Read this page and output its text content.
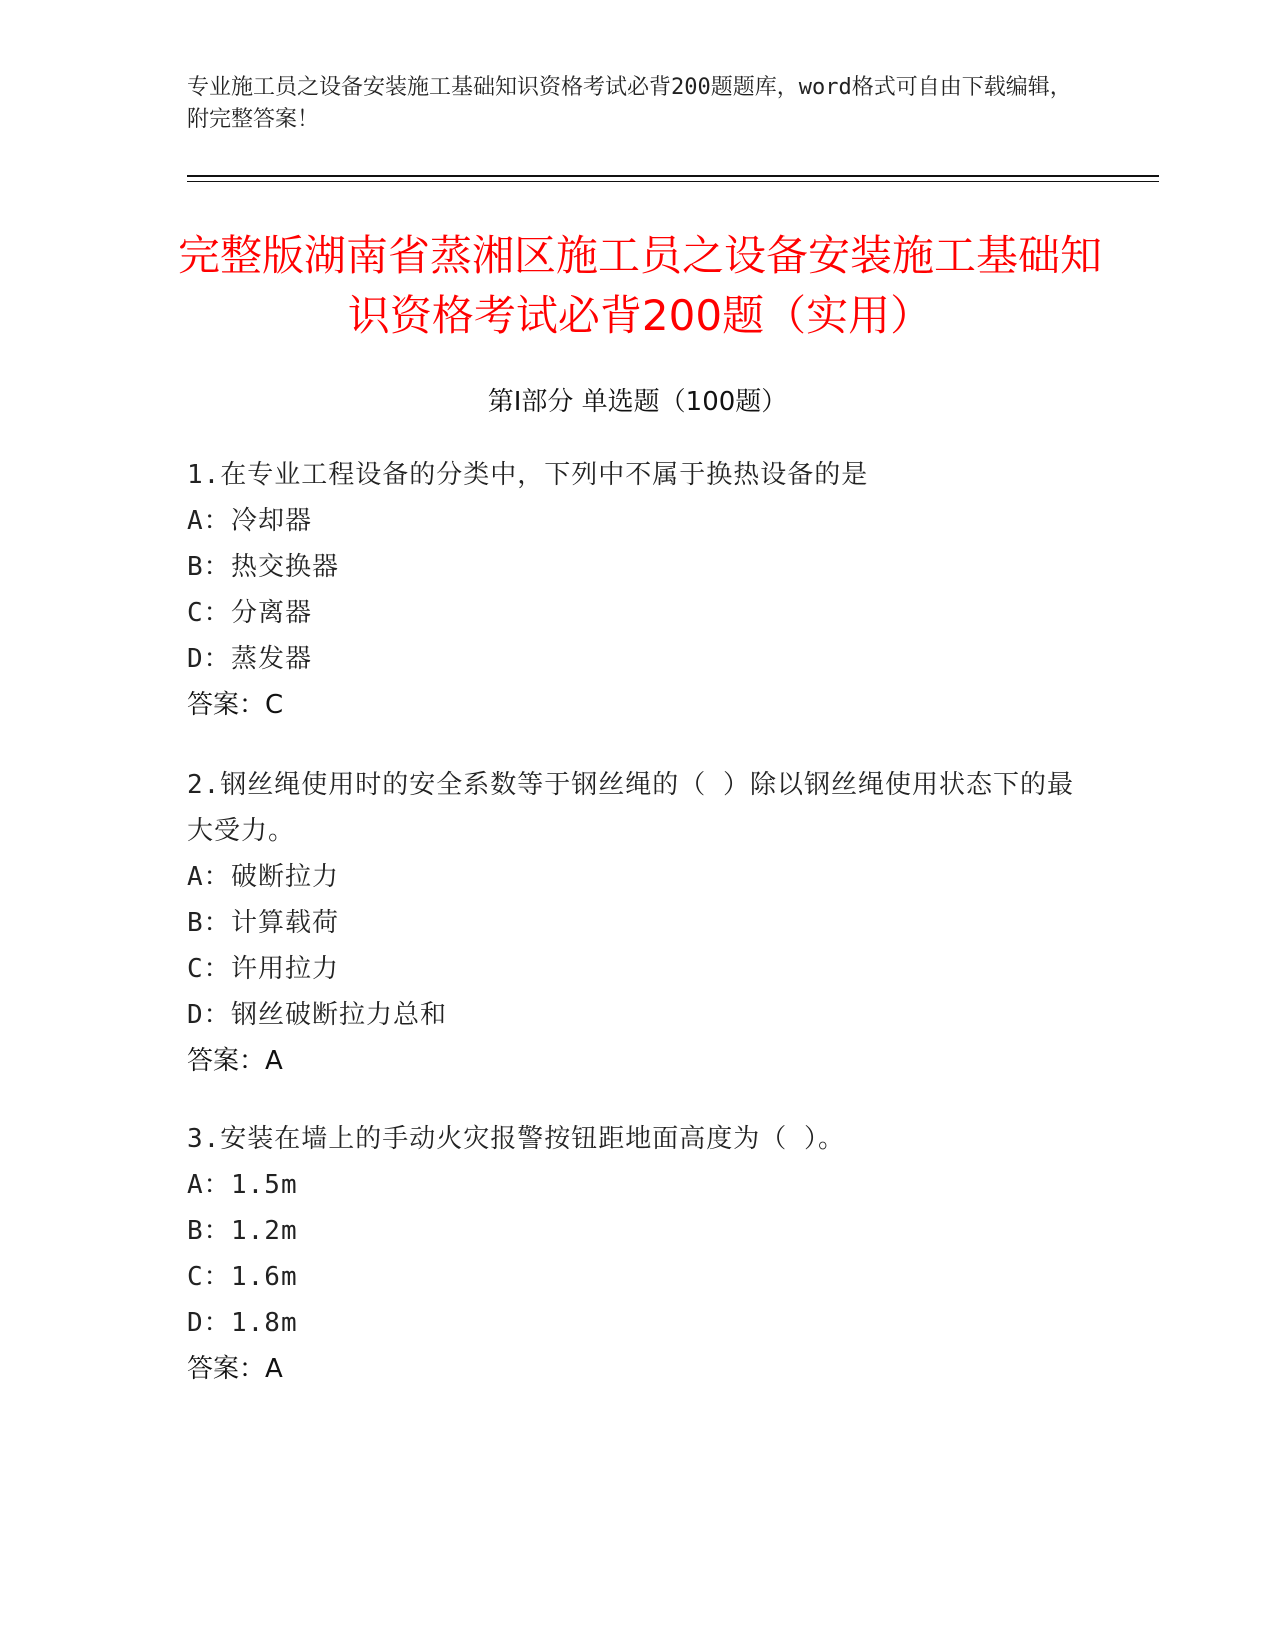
专业施工员之设备安装施工基础知识资格考试必背200题题库，word格式可自由下载编辑，附完整答案！
完整版湖南省蒸湘区施工员之设备安装施工基础知识资格考试必背200题（实用）
第Ⅰ部分 单选题（100题）
1.在专业工程设备的分类中，下列中不属于换热设备的是
A：冷却器
B：热交换器
C：分离器
D：蒸发器
答案：C
2.钢丝绳使用时的安全系数等于钢丝绳的（ ）除以钢丝绳使用状态下的最大受力。
A：破断拉力
B：计算载荷
C：许用拉力
D：钢丝破断拉力总和
答案：A
3.安装在墙上的手动火灾报警按钮距地面高度为（ ）。
A：1.5m
B：1.2m
C：1.6m
D：1.8m
答案：A
